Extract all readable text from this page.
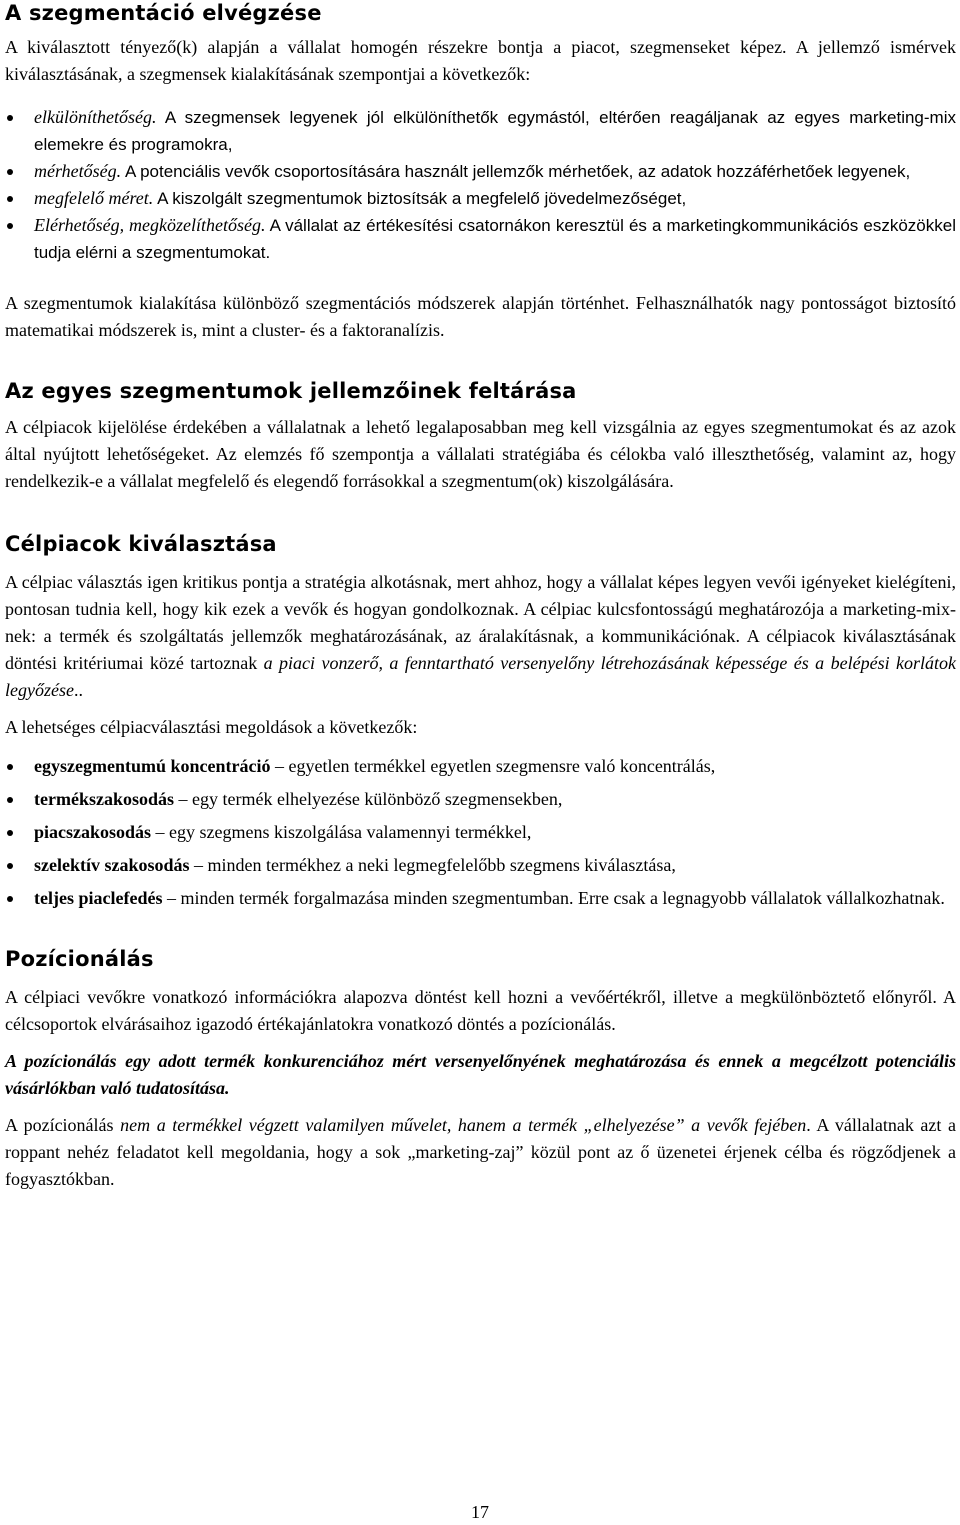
A szegmentáció elvégzése

A kiválasztott tényező(k) alapján a vállalat homogén részekre bontja a piacot, szegmenseket képez. A jellemző ismérvek kiválasztásának, a szegmensek kialakításának szempontjai a következők:

elkülöníthetőség. A szegmensek legyenek jól elkülöníthetők egymástól, eltérően reagáljanak az egyes marketing-mix elemekre és programokra,
mérhetőség. A potenciális vevők csoportosítására használt jellemzők mérhetőek, az adatok hozzáférhetőek legyenek,
megfelelő méret. A kiszolgált szegmentumok biztosítsák a megfelelő jövedelmezőséget,
Elérhetőség, megközelíthetőség. A vállalat az értékesítési csatornákon keresztül és a marketingkommunikációs eszközökkel tudja elérni a szegmentumokat.

A szegmentumok kialakítása különböző szegmentációs módszerek alapján történhet. Felhasználhatók nagy pontosságot biztosító matematikai módszerek is, mint a cluster- és a faktoranalízis.

Az egyes szegmentumok jellemzőinek feltárása

A célpiacok kijelölése érdekében a vállalatnak a lehető legalaposabban meg kell vizsgálnia az egyes szegmentumokat és az azok által nyújtott lehetőségeket. Az elemzés fő szempontja a vállalati stratégiába és célokba való illeszthetőség, valamint az, hogy rendelkezik-e a vállalat megfelelő és elegendő forrásokkal a szegmentum(ok) kiszolgálására.

Célpiacok kiválasztása

A célpiac választás igen kritikus pontja a stratégia alkotásnak, mert ahhoz, hogy a vállalat képes legyen vevői igényeket kielégíteni, pontosan tudnia kell, hogy kik ezek a vevők és hogyan gondolkoznak. A célpiac kulcsfontosságú meghatározója a marketing-mix-nek: a termék és szolgáltatás jellemzők meghatározásának, az áralakításnak, a kommunikációnak. A célpiacok kiválasztásának döntési kritériumai közé tartoznak a piaci vonzerő, a fenntartható versenyelőny létrehozásának képessége és a belépési korlátok legyőzése..

A lehetséges célpiacválasztási megoldások a következők:

egyszegmentumú koncentráció – egyetlen termékkel egyetlen szegmensre való koncentrálás,
termékszakosodás – egy termék elhelyezése különböző szegmensekben,
piacszakosodás – egy szegmens kiszolgálása valamennyi termékkel,
szelektív szakosodás – minden termékhez a neki legmegfelelőbb szegmens kiválasztása,
teljes piaclefedés – minden termék forgalmazása minden szegmentumban. Erre csak a legnagyobb vállalatok vállalkozhatnak.
Pozícionálás

A célpiaci vevőkre vonatkozó információkra alapozva döntést kell hozni a vevőértékről, illetve a megkülönböztető előnyről. A célcsoportok elvárásaihoz igazodó értékajánlatokra vonatkozó döntés a pozícionálás.

A pozícionálás egy adott termék konkurenciához mért versenyelőnyének meghatározása és ennek a megcélzott potenciális vásárlókban való tudatosítása.

A pozícionálás nem a termékkel végzett valamilyen művelet, hanem a termék „elhelyezése” a vevők fejében. A vállalatnak azt a roppant nehéz feladatot kell megoldania, hogy a sok „marketing-zaj” közül pont az ő üzenetei érjenek célba és rögződjenek a fogyasztókban.

17
